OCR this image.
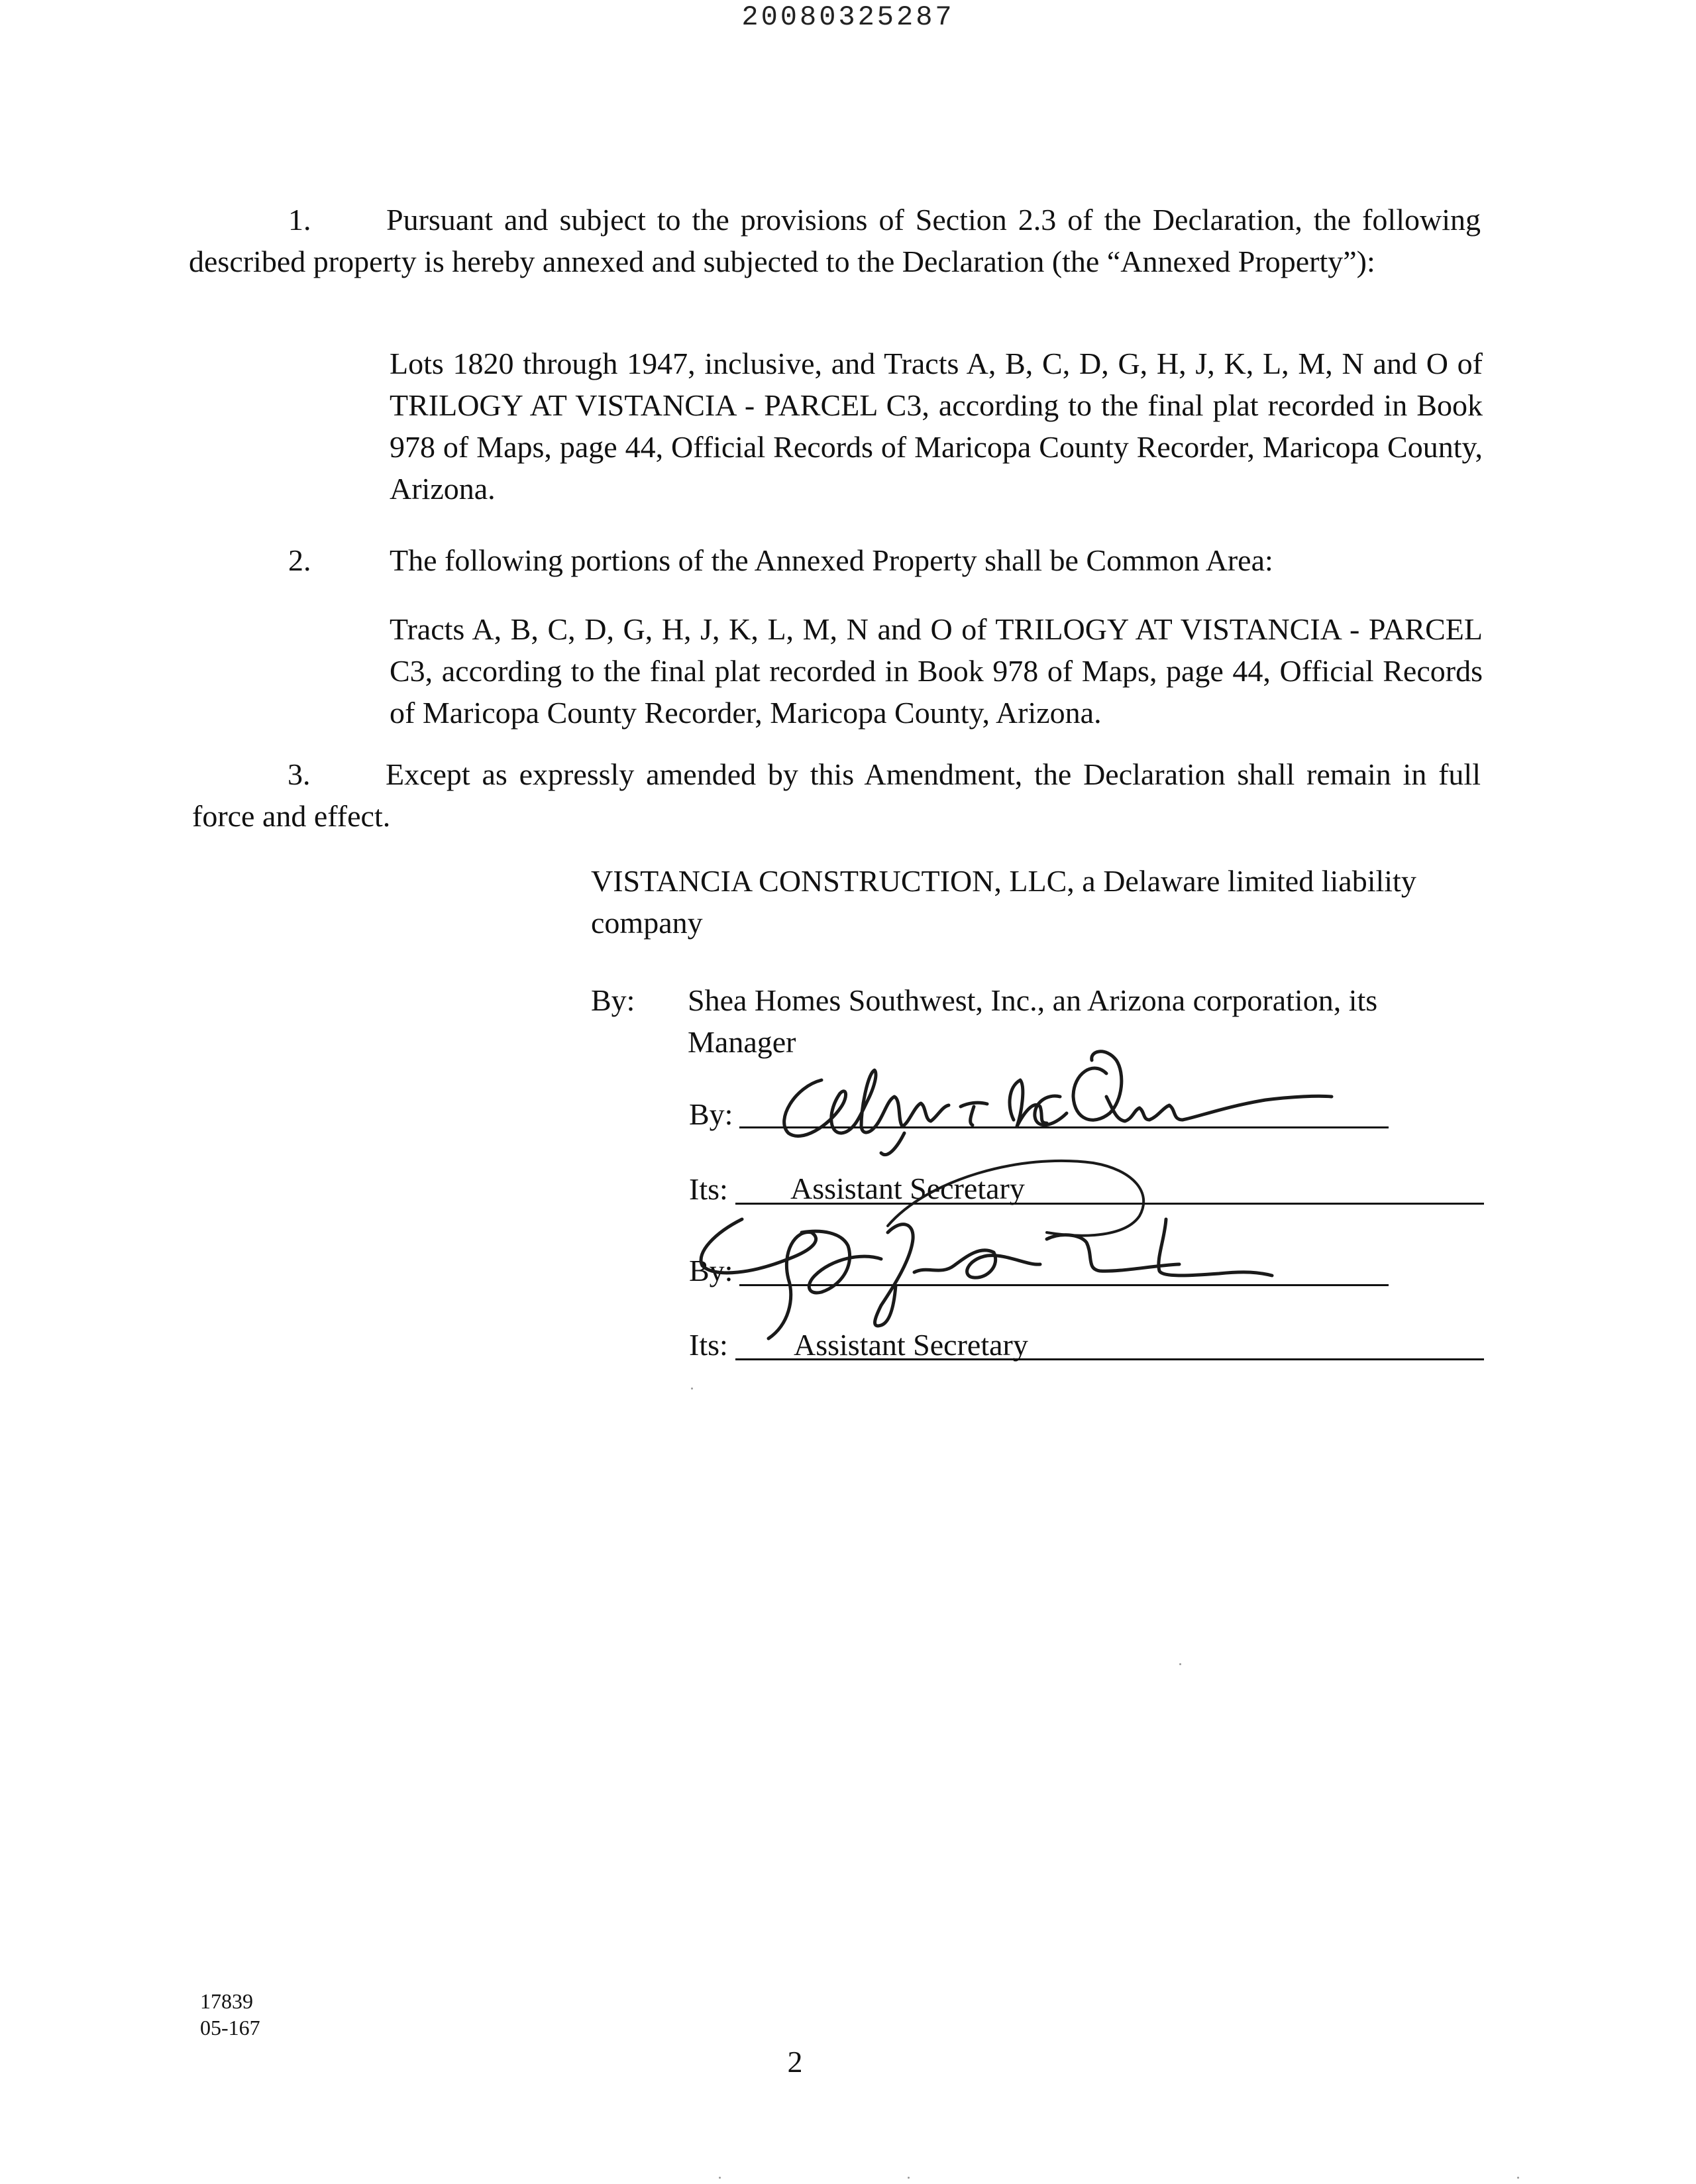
20080325287
1. Pursuant and subject to the provisions of Section 2.3 of the Declaration, the following described property is hereby annexed and subjected to the Declaration (the “Annexed Property”):
Lots 1820 through 1947, inclusive, and Tracts A, B, C, D, G, H, J, K, L, M, N and O of TRILOGY AT VISTANCIA - PARCEL C3, according to the final plat recorded in Book 978 of Maps, page 44, Official Records of Maricopa County Recorder, Maricopa County, Arizona.
2.	The following portions of the Annexed Property shall be Common Area:
Tracts A, B, C, D, G, H, J, K, L, M, N and O of TRILOGY AT VISTANCIA - PARCEL C3, according to the final plat recorded in Book 978 of Maps, page 44, Official Records of Maricopa County Recorder, Maricopa County, Arizona.
3. Except as expressly amended by this Amendment, the Declaration shall remain in full force and effect.
VISTANCIA CONSTRUCTION, LLC, a Delaware limited liability company
By: Shea Homes Southwest, Inc., an Arizona corporation, its Manager
By:
Its: Assistant Secretary
By:
Its: Assistant Secretary
17839
05-167
2
